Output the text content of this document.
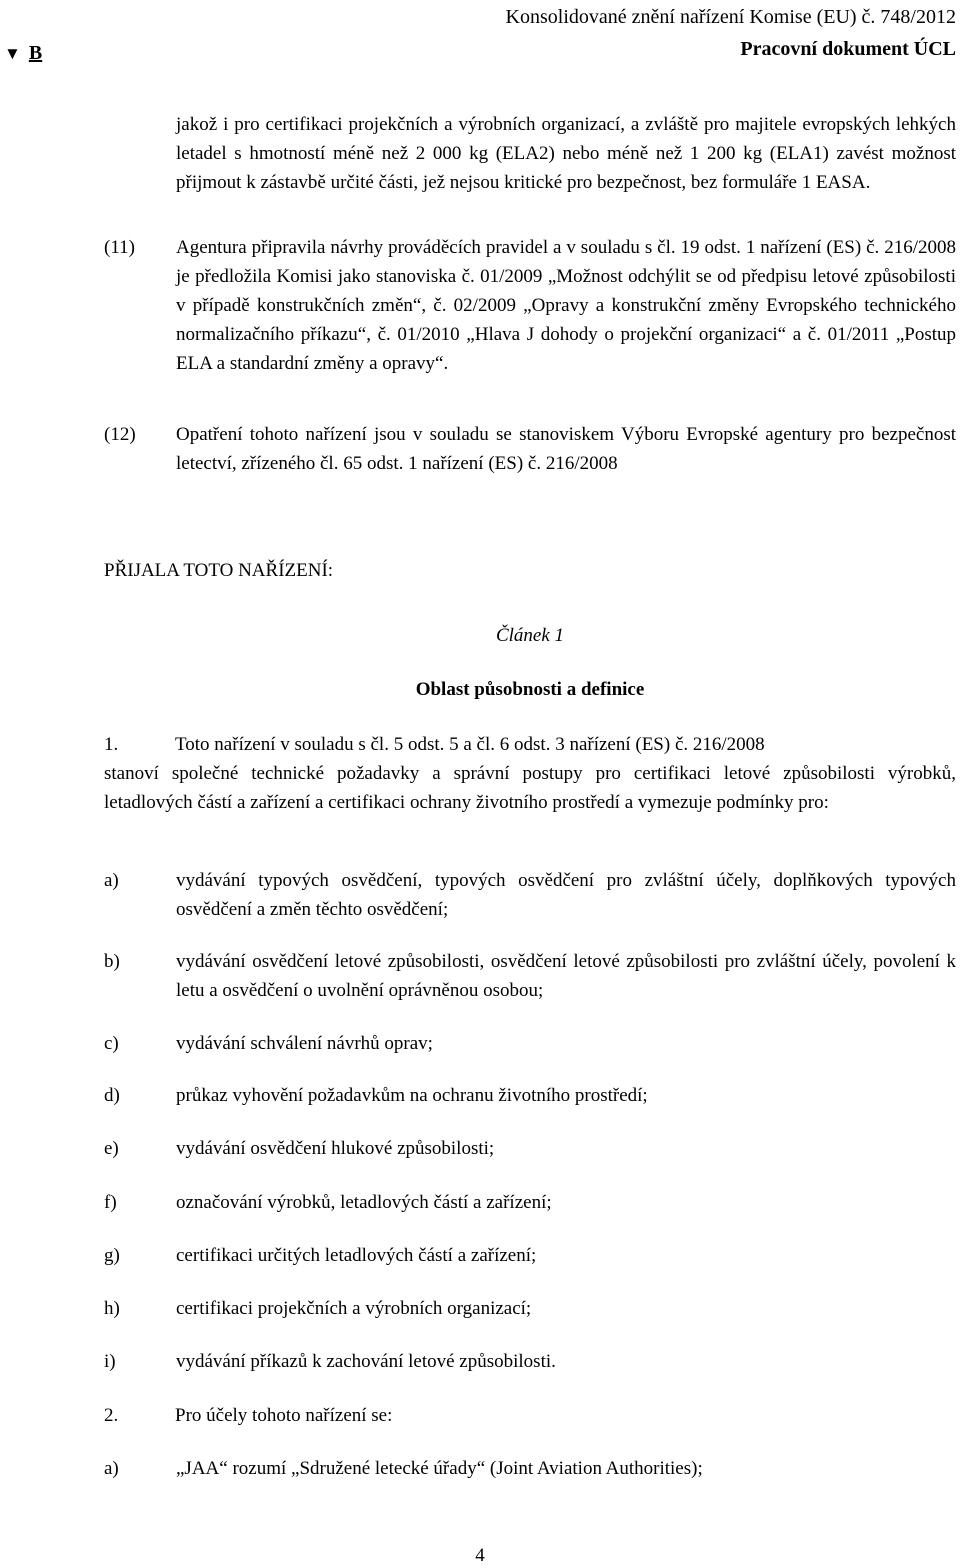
Konsolidované znění nařízení Komise (EU) č. 748/2012
Pracovní dokument ÚCL
▼ B
jakož i pro certifikaci projekčních a výrobních organizací, a zvláště pro majitele evropských lehkých letadel s hmotností méně než 2 000 kg (ELA2) nebo méně než 1 200 kg (ELA1) zavést možnost přijmout k zástavbě určité části, jež nejsou kritické pro bezpečnost, bez formuláře 1 EASA.
(11) Agentura připravila návrhy prováděcích pravidel a v souladu s čl. 19 odst. 1 nařízení (ES) č. 216/2008 je předložila Komisi jako stanoviska č. 01/2009 „Možnost odchýlit se od předpisu letové způsobilosti v případě konstrukčních změn“, č. 02/2009 „Opravy a konstrukční změny Evropského technického normalizačního příkazu“, č. 01/2010 „Hlava J dohody o projekční organizaci“ a č. 01/2011 „Postup ELA a standardní změny a opravy“.
(12) Opatření tohoto nařízení jsou v souladu se stanoviskem Výboru Evropské agentury pro bezpečnost letectví, zřízeného čl. 65 odst. 1 nařízení (ES) č. 216/2008
PŘIJALA TOTO NAŘÍZENÍ:
Článek 1
Oblast působnosti a definice
1.	Toto nařízení v souladu s čl. 5 odst. 5 a čl. 6 odst. 3 nařízení (ES) č. 216/2008
stanoví společné technické požadavky a správní postupy pro certifikaci letové způsobilosti výrobků, letadlových částí a zařízení a certifikaci ochrany životního prostředí a vymezuje podmínky pro:
a)	vydávání typových osvědčení, typových osvědčení pro zvláštní účely, doplňkových typových osvědčení a změn těchto osvědčení;
b)	vydávání osvědčení letové způsobilosti, osvědčení letové způsobilosti pro zvláštní účely, povolení k letu a osvědčení o uvolnění oprávněnou osobou;
c)	vydávání schválení návrhů oprav;
d)	průkaz vyhovění požadavkům na ochranu životního prostředí;
e)	vydávání osvědčení hlukové způsobilosti;
f)	označování výrobků, letadlových částí a zařízení;
g)	certifikaci určitých letadlových částí a zařízení;
h)	certifikaci projekčních a výrobních organizací;
i)	vydávání příkazů k zachování letové způsobilosti.
2.	Pro účely tohoto nařízení se:
a)	„JAA“ rozumí „Sdružené letecké úřady“ (Joint Aviation Authorities);
4
